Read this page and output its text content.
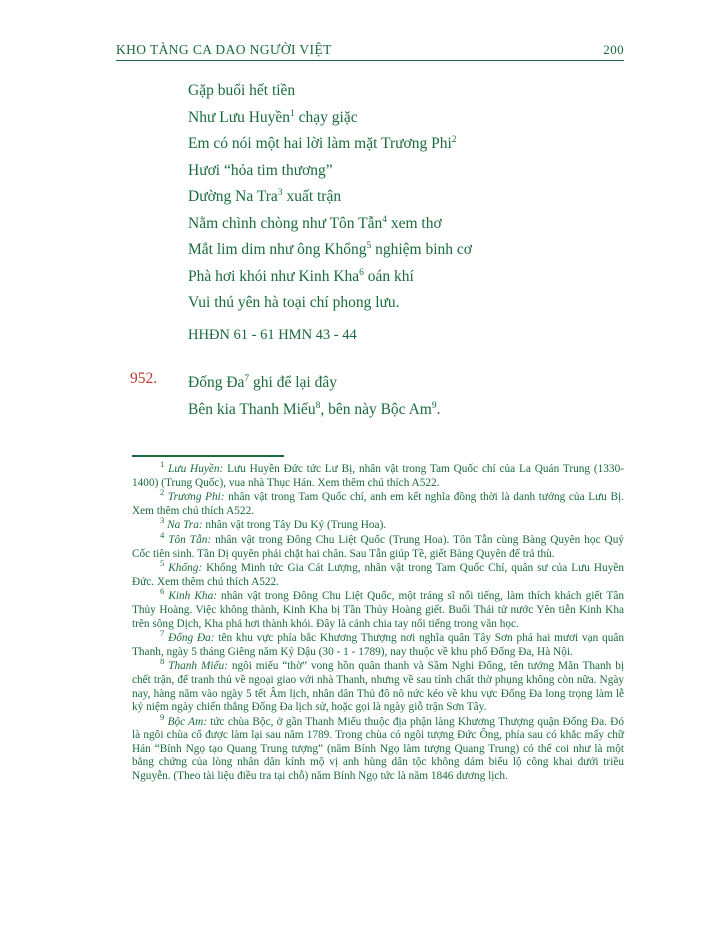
KHO TÀNG CA DAO NGƯỜI VIỆT	200
Gặp buổi hết tiền
Như Lưu Huyền$^1$ chạy giặc
Em có nói một hai lời làm mặt Trương Phi$^2$
Hươi “hỏa tim thương”
Dường Na Tra$^3$ xuất trận
Nằm chình chòng như Tôn Tẫn$^4$ xem thơ
Mắt lim dim như ông Khổng$^5$ nghiệm binh cơ
Phà hơi khói như Kinh Kha$^6$ oán khí
Vui thú yên hà toại chí phong lưu.
HHĐN 61 - 61 HMN 43 - 44
952.	Đống $Đa^7$ ghi để lại đây
Bên kia Thanh Miếu$^8$, bên này Bộc Am$^9$.
$^1$ Lưu Huyền: Lưu Huyền Đức tức Lư Bị, nhân vật trong Tam Quốc chí của La Quán Trung (1330-1400) (Trung Quốc), vua nhà Thục Hán. Xem thêm chú thích A522.
$^2$ Trương Phi: nhân vật trong Tam Quốc chí, anh em kết nghĩa đồng thời là danh tướng của Lưu Bị. Xem thêm chú thích A522.
$^3$ Na Tra: nhân vật trong Tây Du Ký (Trung Hoa).
$^4$ Tôn Tẫn: nhân vật trong Đông Chu Liệt Quốc (Trung Hoa). Tôn Tẫn cùng Bàng Quyên học Quỷ Cốc tiên sinh. Tần Dị quyên phải chặt hai chân. Sau Tẫn giúp Tề, giết Bàng Quyên để trả thù.
$^5$ Khổng: Khổng Minh tức Gia Cát Lượng, nhân vật trong Tam Quốc Chí, quân sư của Lưu Huyền Đức. Xem thêm chú thích A522.
$^6$ Kinh Kha: nhân vật trong Đông Chu Liệt Quốc, một tráng sĩ nổi tiếng, làm thích khách giết Tần Thủy Hoàng. Việc không thành, Kinh Kha bị Tần Thủy Hoàng giết. Buổi Thái tử nước Yên tiễn Kinh Kha trên sông Dịch, Kha phả hơi thành khói. Đây là cảnh chia tay nổi tiếng trong văn học.
$^7$ Đống Đa: tên khu vực phía bắc Khương Thượng nơi nghĩa quân Tây Sơn phá hai mươi vạn quân Thanh, ngày 5 tháng Giêng năm Kỷ Dậu (30 - 1 - 1789), nay thuộc về khu phố Đống Đa, Hà Nội.
$^8$ Thanh Miếu: ngôi miếu “thờ” vong hồn quân thanh và Sầm Nghi Đống, tên tướng Mãn Thanh bị chết trận, để tranh thủ về ngoại giao với nhà Thanh, nhưng về sau tính chất thờ phụng không còn nữa. Ngày nay, hàng năm vào ngày 5 tết Âm lịch, nhân dân Thủ đô nô nức kéo về khu vực Đống Đa long trọng làm lễ kỷ niệm ngày chiến thắng Đống Đa lịch sử, hoặc gọi là ngày giỗ trận Sơn Tây.
$^9$ Bộc Am: tức chùa Bộc, ở gần Thanh Miếu thuộc địa phận làng Khương Thượng quận Đống Đa. Đó là ngôi chùa cổ được làm lại sau năm 1789. Trong chùa có ngôi tượng Đức Ông, phía sau có khắc mấy chữ Hán “Bính Ngọ tạo Quang Trung tượng” (năm Bính Ngọ làm tượng Quang Trung) có thể coi như là một bằng chứng của lòng nhân dân kính mộ vị anh hùng dân tộc không dám biểu lộ công khai dưới triều Nguyễn. (Theo tài liệu điều tra tại chỗ) năm Bính Ngọ tức là năm 1846 dương lịch.
